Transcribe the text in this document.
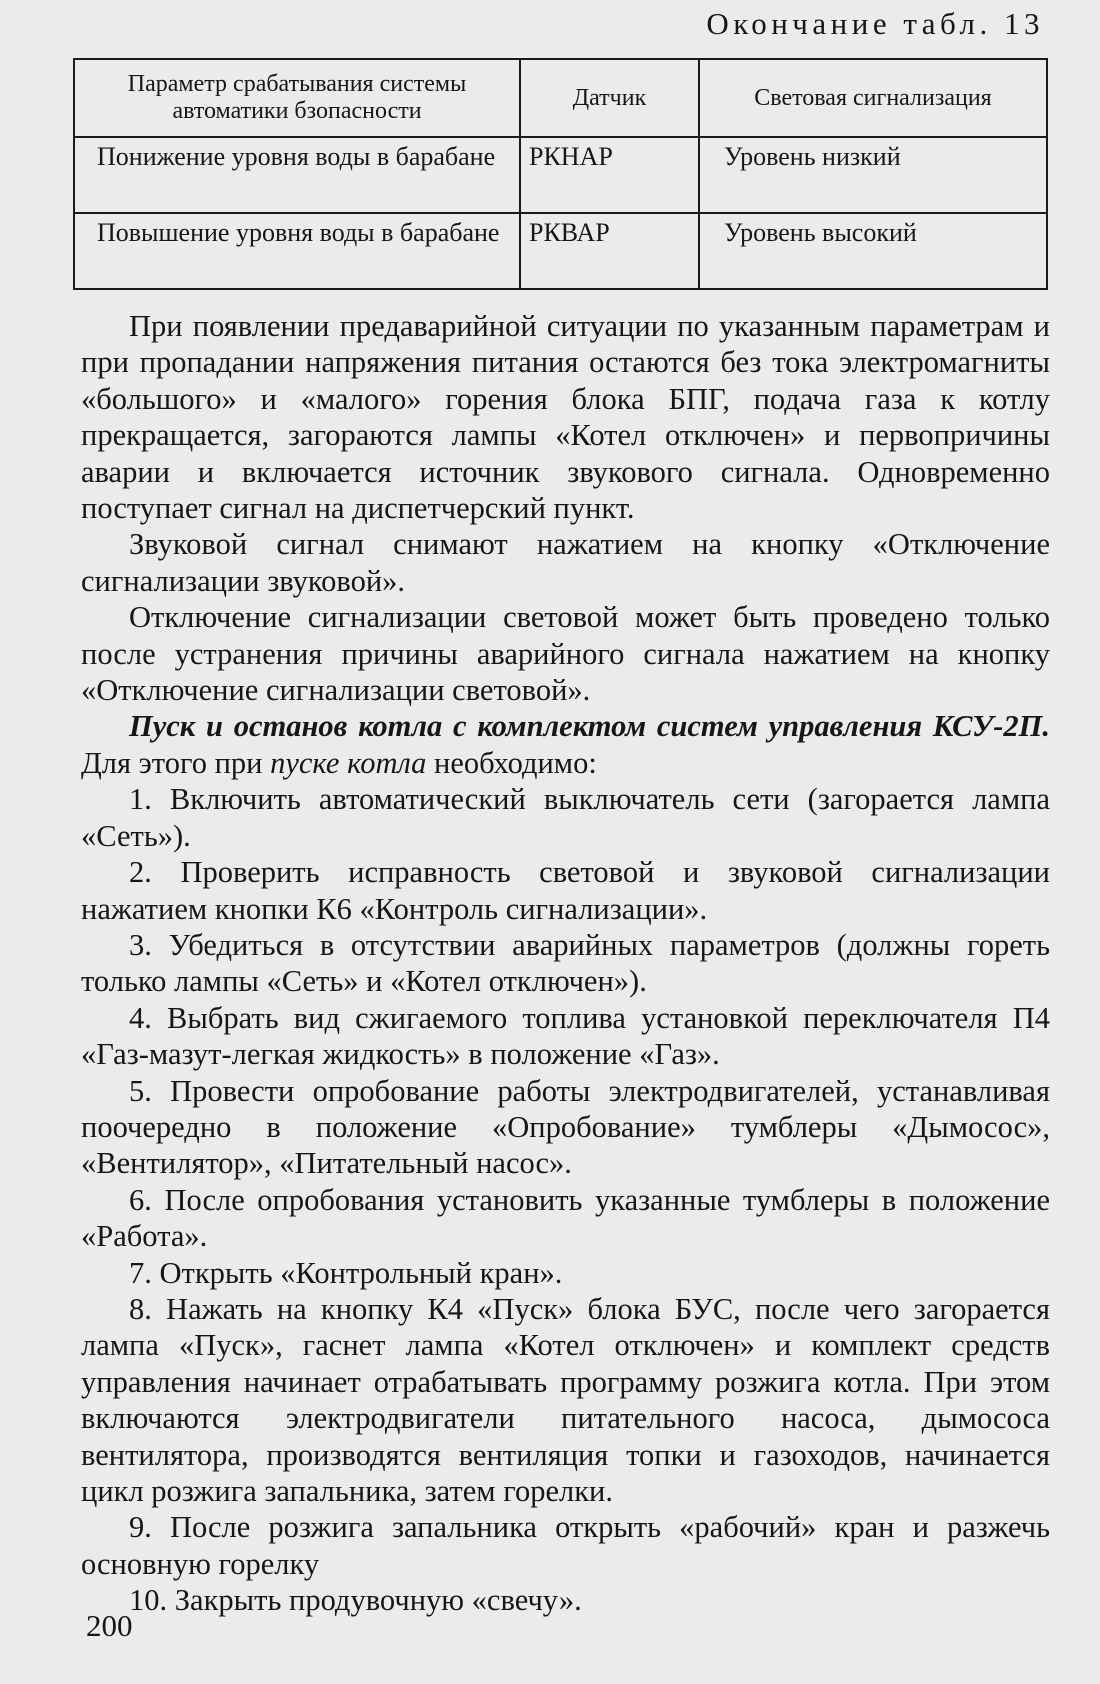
Окончание табл. 13
Параметр срабатывания системы автоматики бзопасности	Датчик	Световая сигнализация
Понижение уровня воды в барабане	РКНАР	Уровень низкий
Повышение уровня воды в барабане	РКВАР	Уровень высокий

При появлении предаварийной ситуации по указанным параметрам и при пропадании напряжения питания остаются без тока электромагниты «большого» и «малого» горения блока БПГ, подача газа к котлу прекращается, загораются лампы «Котел отключен» и первопричины аварии и включается источник звукового сигнала. Одновременно поступает сигнал на диспетчерский пункт.

Звуковой сигнал снимают нажатием на кнопку «Отключение сигнализации звуковой».

Отключение сигнализации световой может быть проведено только после устранения причины аварийного сигнала нажатием на кнопку «Отключение сигнализации световой».

Пуск и останов котла с комплектом систем управления КСУ-2П. Для этого при пуске котла необходимо:

1. Включить автоматический выключатель сети (загорается лампа «Сеть»).

2. Проверить исправность световой и звуковой сигнализации нажатием кнопки К6 «Контроль сигнализации».

3. Убедиться в отсутствии аварийных параметров (должны гореть только лампы «Сеть» и «Котел отключен»).

4. Выбрать вид сжигаемого топлива установкой переключателя П4 «Газ-мазут-легкая жидкость» в положение «Газ».

5. Провести опробование работы электродвигателей, устанавливая поочередно в положение «Опробование» тумблеры «Дымосос», «Вентилятор», «Питательный насос».

6. После опробования установить указанные тумблеры в положение «Работа».

7. Открыть «Контрольный кран».

8. Нажать на кнопку К4 «Пуск» блока БУС, после чего загорается лампа «Пуск», гаснет лампа «Котел отключен» и комплект средств управления начинает отрабатывать программу розжига котла. При этом включаются электродвигатели питательного насоса, дымососа вентилятора, производятся вентиляция топки и газоходов, начинается цикл розжига запальника, затем горелки.

9. После розжига запальника открыть «рабочий» кран и разжечь основную горелку

10. Закрыть продувочную «свечу».

200
